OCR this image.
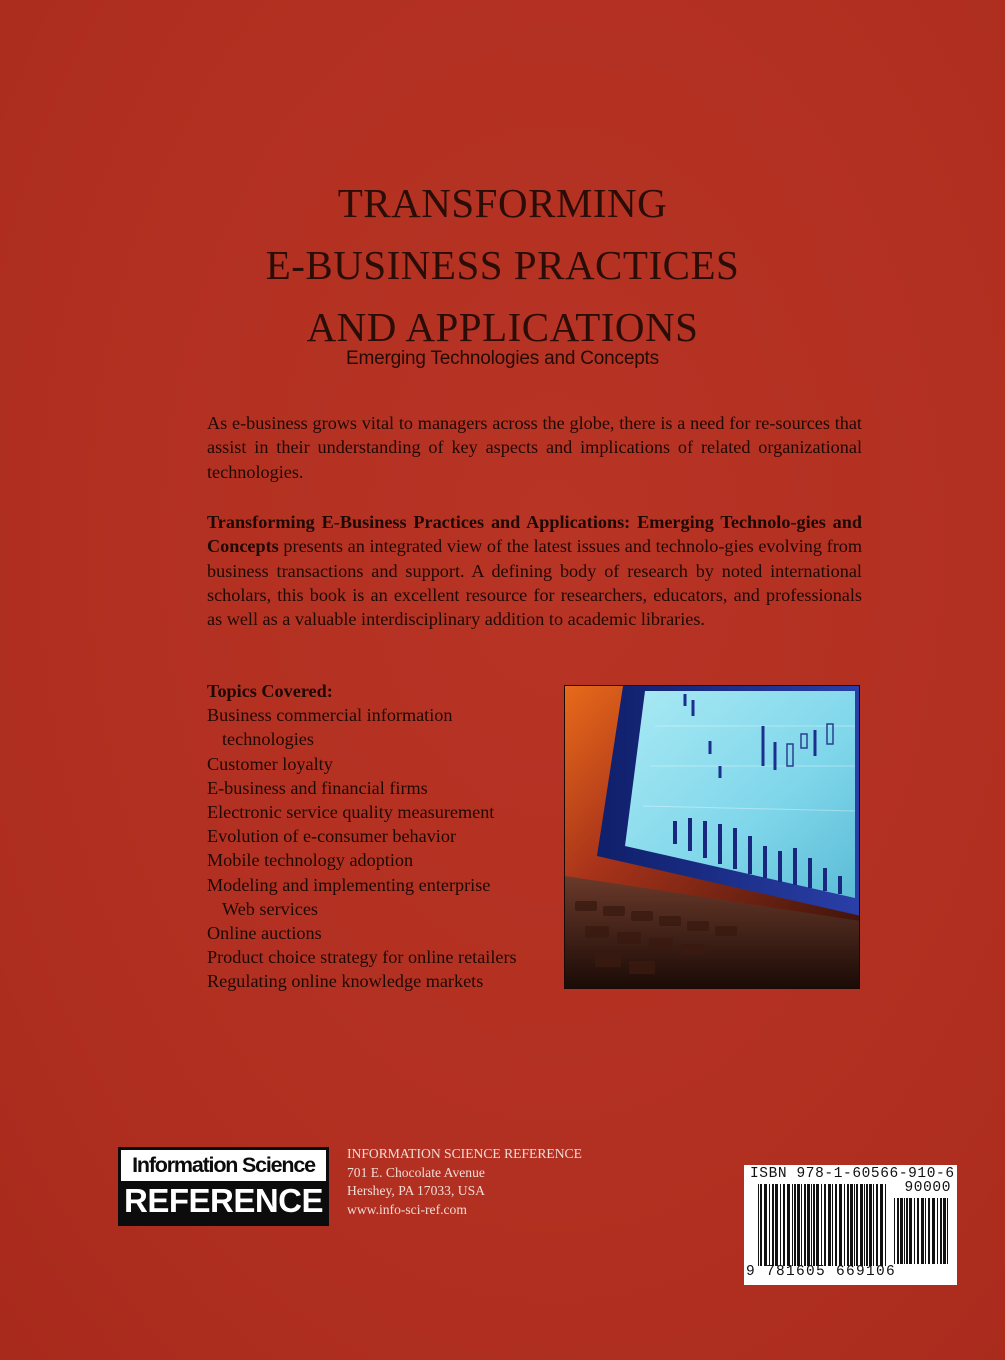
TRANSFORMING
E-BUSINESS PRACTICES
AND APPLICATIONS
Emerging Technologies and Concepts
As e-business grows vital to managers across the globe, there is a need for re-sources that assist in their understanding of key aspects and implications of related organizational technologies.
Transforming E-Business Practices and Applications: Emerging Technolo-gies and Concepts presents an integrated view of the latest issues and technolo-gies evolving from business transactions and support. A defining body of research by noted international scholars, this book is an excellent resource for researchers, educators, and professionals as well as a valuable interdisciplinary addition to academic libraries.
Topics Covered:
Business commercial information
technologies
Customer loyalty
E-business and financial firms
Electronic service quality measurement
Evolution of e-consumer behavior
Mobile technology adoption
Modeling and implementing enterprise
Web services
Online auctions
Product choice strategy for online retailers
Regulating online knowledge markets
Information Science
REFERENCE
INFORMATION SCIENCE REFERENCE
701 E. Chocolate Avenue
Hershey, PA 17033, USA
www.info-sci-ref.com
ISBN 978-1-60566-910-6
90000
9 781605 669106
